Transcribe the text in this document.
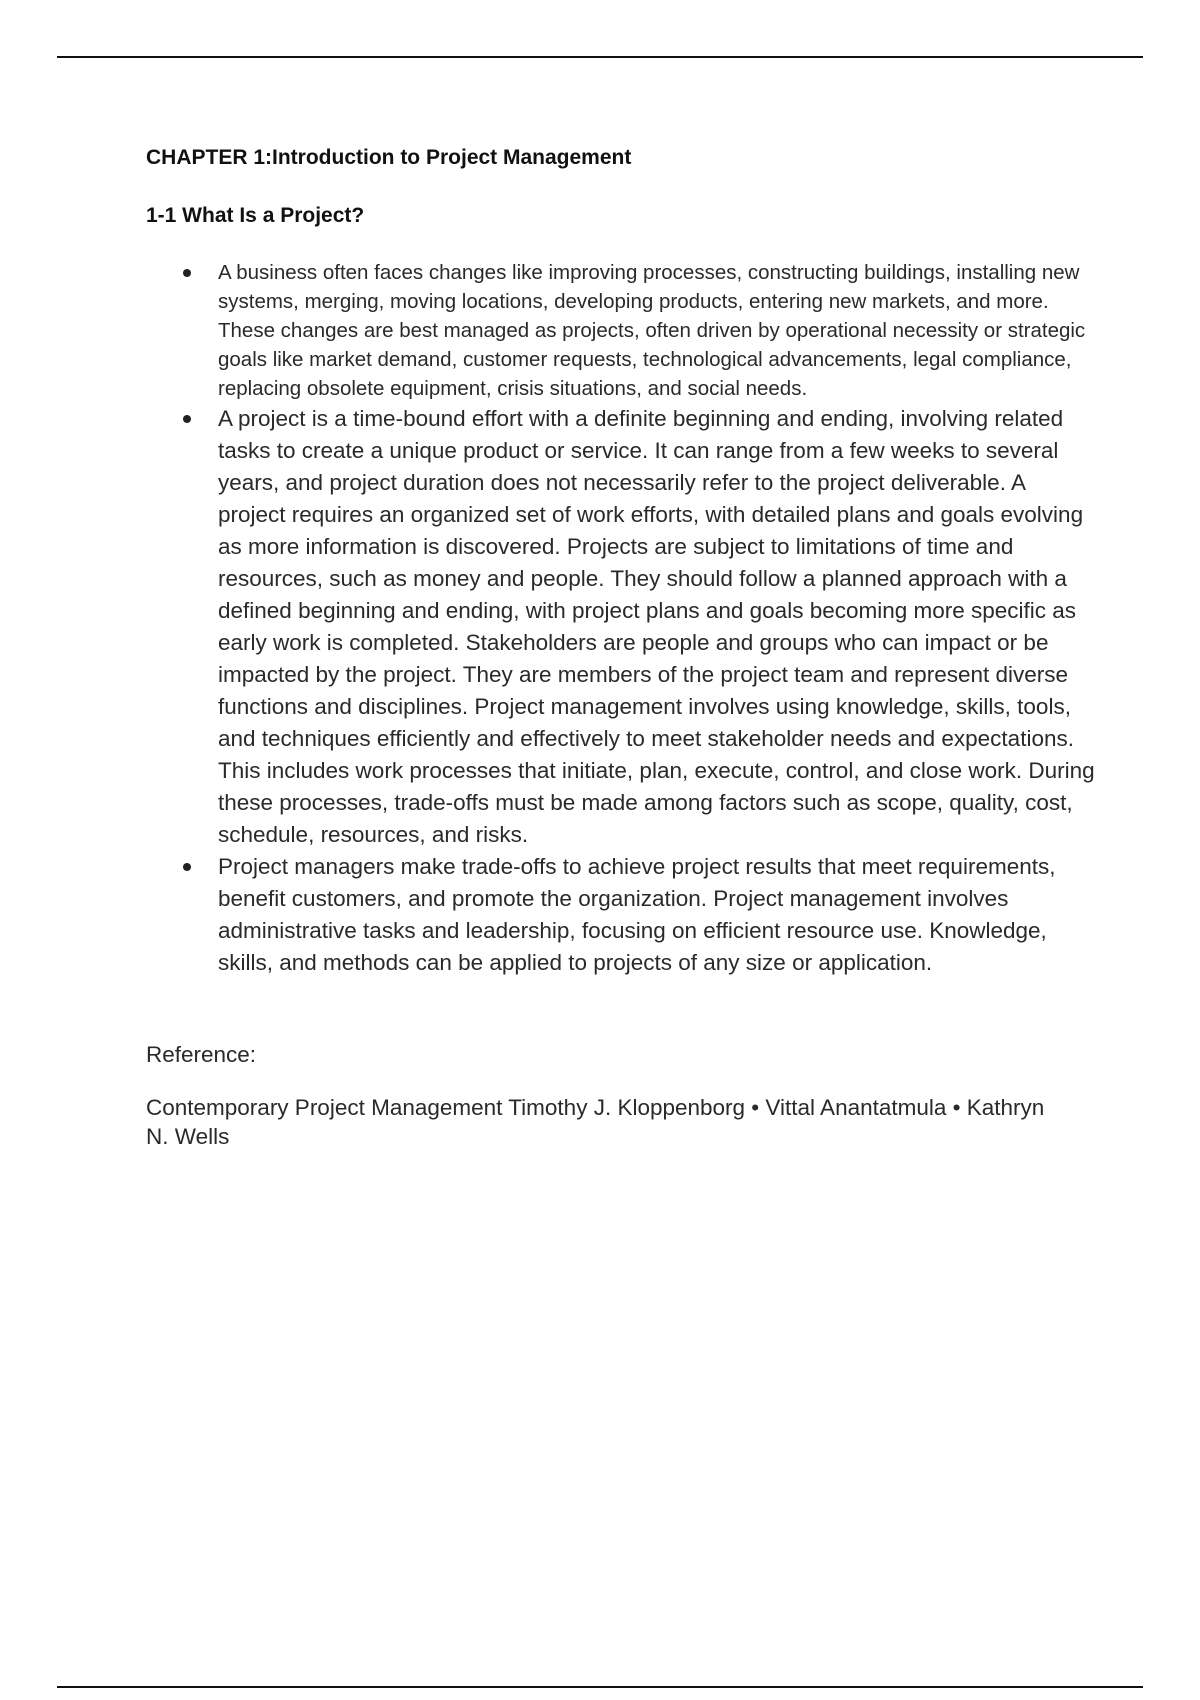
CHAPTER 1:Introduction to Project Management
1-1 What Is a Project?
A business often faces changes like improving processes, constructing buildings, installing new systems, merging, moving locations, developing products, entering new markets, and more. These changes are best managed as projects, often driven by operational necessity or strategic goals like market demand, customer requests, technological advancements, legal compliance, replacing obsolete equipment, crisis situations, and social needs.
A project is a time-bound effort with a definite beginning and ending, involving related tasks to create a unique product or service. It can range from a few weeks to several years, and project duration does not necessarily refer to the project deliverable. A project requires an organized set of work efforts, with detailed plans and goals evolving as more information is discovered. Projects are subject to limitations of time and resources, such as money and people. They should follow a planned approach with a defined beginning and ending, with project plans and goals becoming more specific as early work is completed. Stakeholders are people and groups who can impact or be impacted by the project. They are members of the project team and represent diverse functions and disciplines. Project management involves using knowledge, skills, tools, and techniques efficiently and effectively to meet stakeholder needs and expectations. This includes work processes that initiate, plan, execute, control, and close work. During these processes, trade-offs must be made among factors such as scope, quality, cost, schedule, resources, and risks.
Project managers make trade-offs to achieve project results that meet requirements, benefit customers, and promote the organization. Project management involves administrative tasks and leadership, focusing on efficient resource use. Knowledge, skills, and methods can be applied to projects of any size or application.

Reference:

Contemporary Project Management Timothy J. Kloppenborg • Vittal Anantatmula • Kathryn N. Wells
